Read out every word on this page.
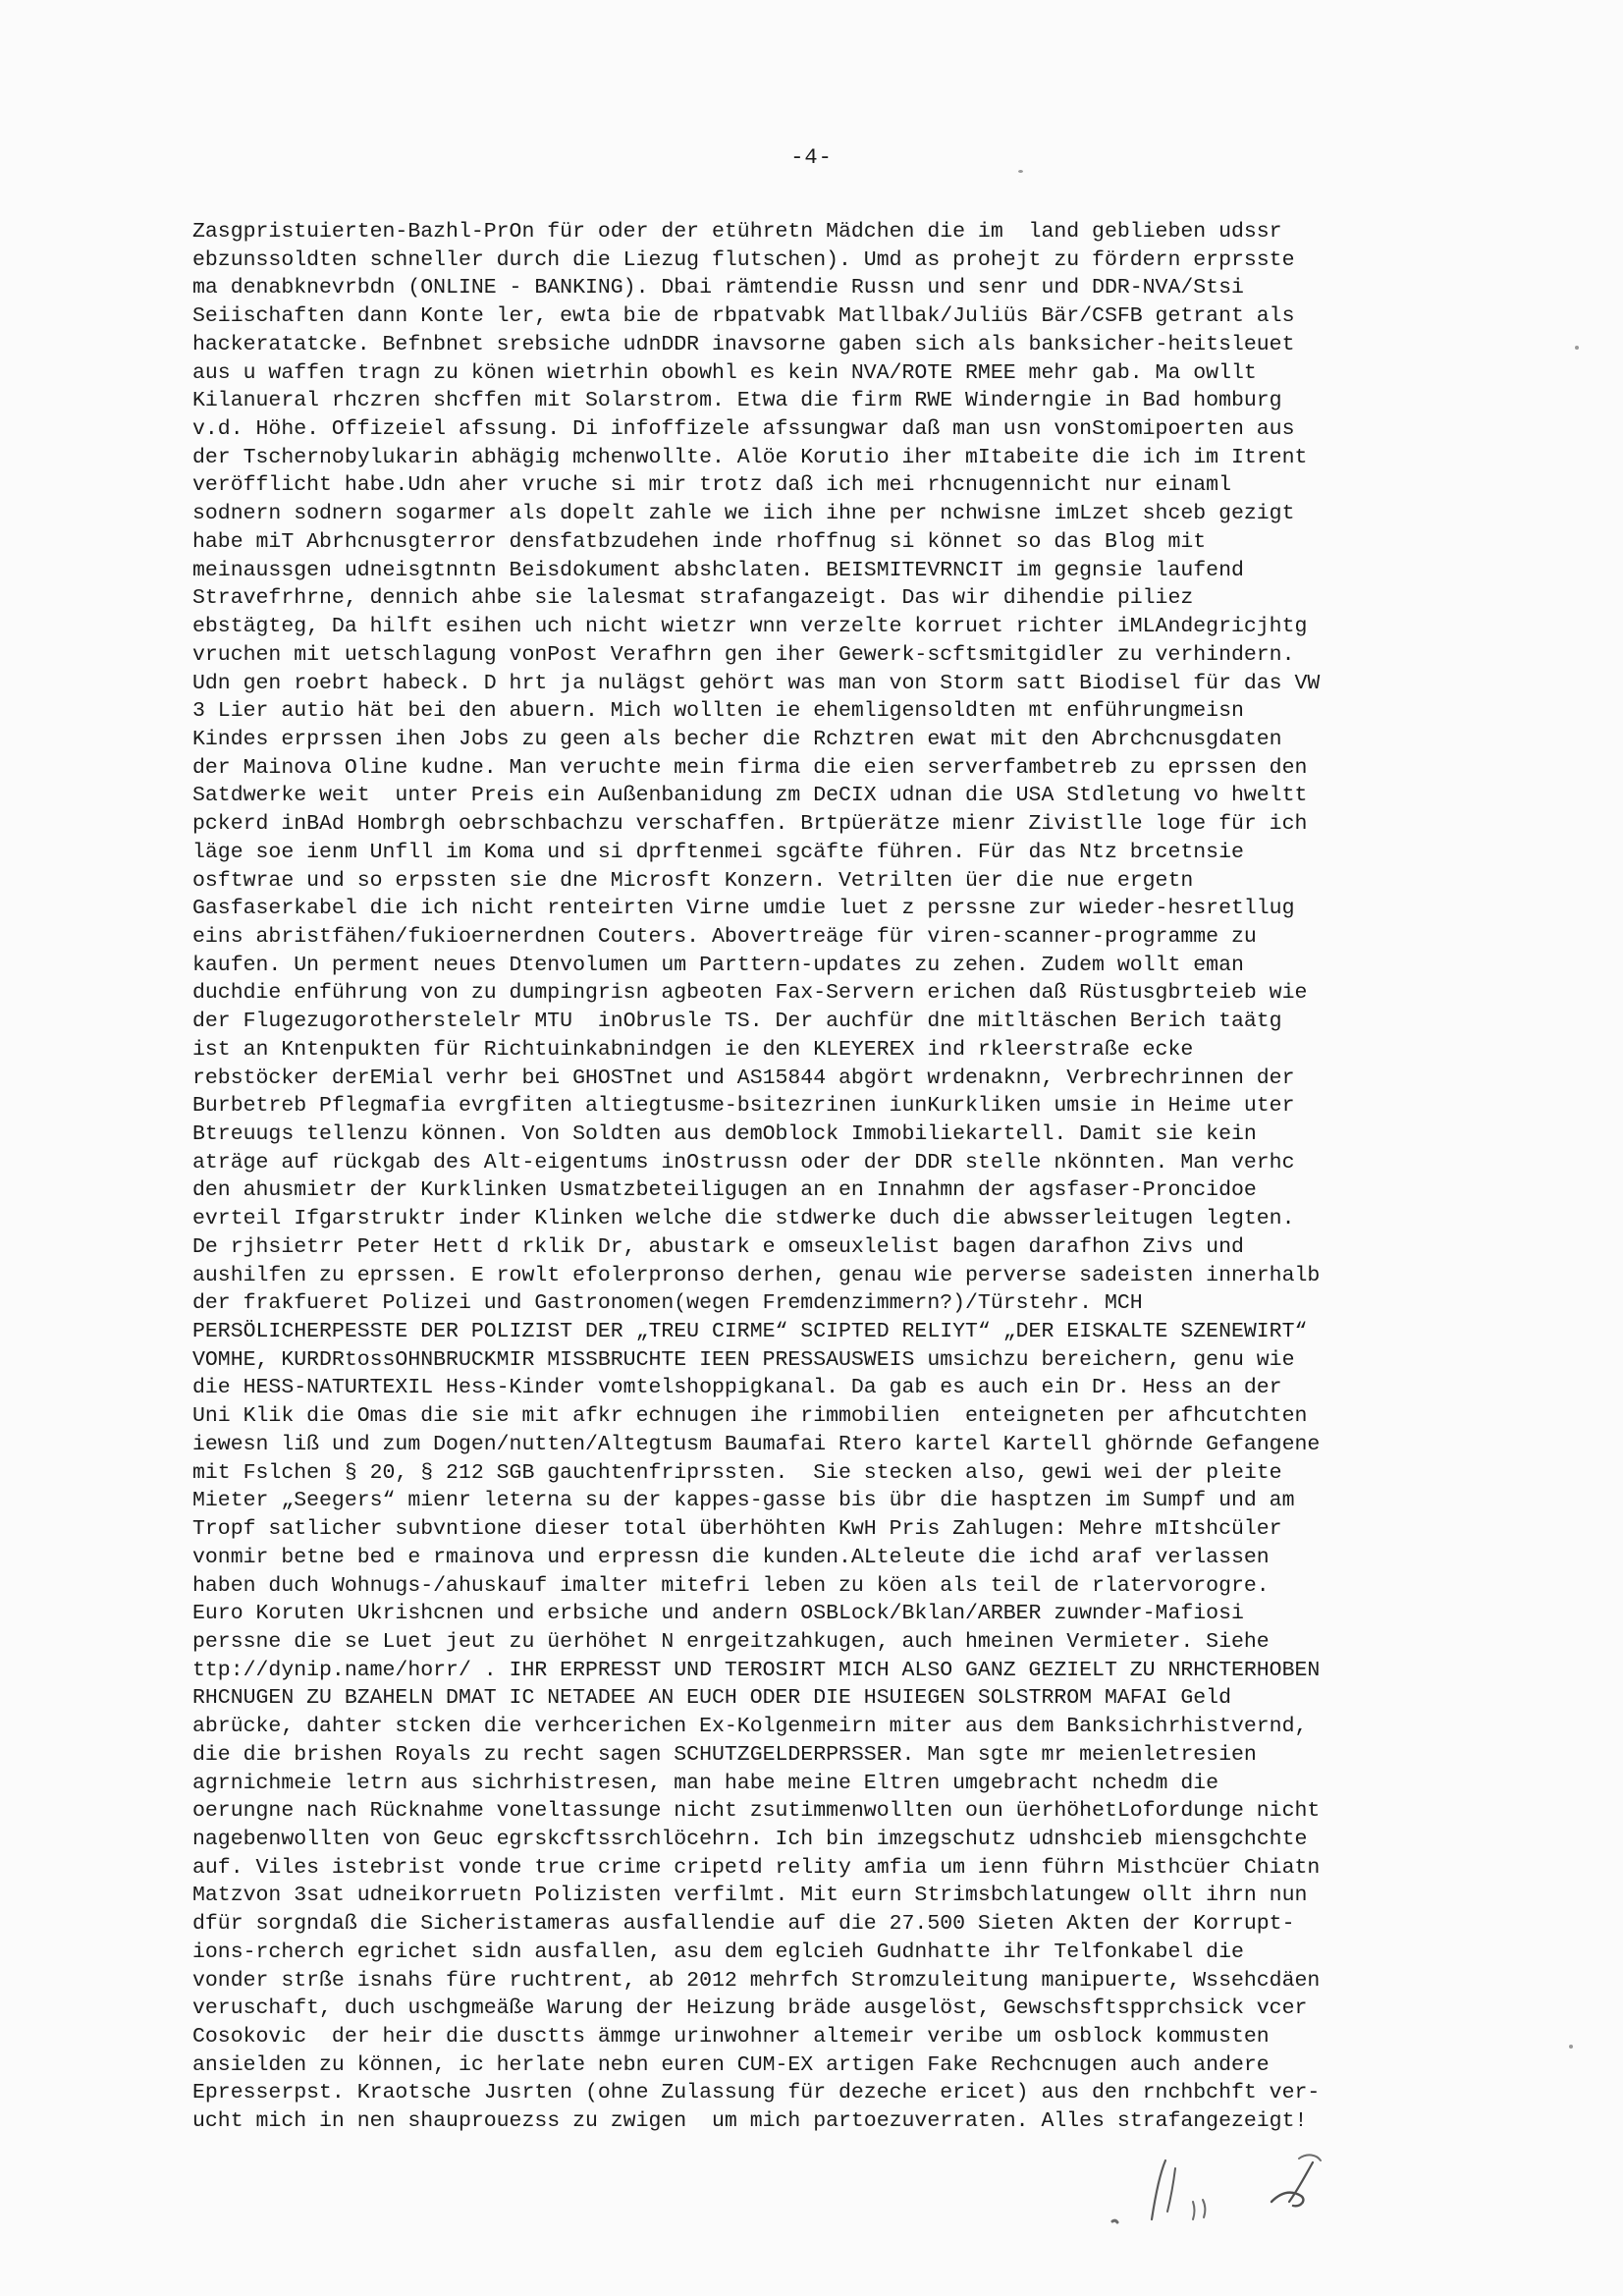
-4-
Zasgpristuierten-Bazhl-PrOn für oder der etühretn Mädchen die im  land geblieben udssr
ebzunssoldten schneller durch die Liezug flutschen). Umd as prohejt zu fördern erprsste
ma denabknevrbdn (ONLINE - BANKING). Dbai rämtendie Russn und senr und DDR-NVA/Stsi
Seiischaften dann Konte ler, ewta bie de rbpatvabk Matllbak/Juliüs Bär/CSFB getrant als
hackeratatcke. Befnbnet srebsiche udnDDR inavsorne gaben sich als banksicher-heitsleuet
aus u waffen tragn zu könen wietrhin obowhl es kein NVA/ROTE RMEE mehr gab. Ma owllt
Kilanueral rhczren shcffen mit Solarstrom. Etwa die firm RWE Winderngie in Bad homburg
v.d. Höhe. Offizeiel afssung. Di infoffizele afssungwar daß man usn vonStomipoerten aus
der Tschernobylukarin abhägig mchenwollte. Alöe Korutio iher mItabeite die ich im Itrent
veröfflicht habe.Udn aher vruche si mir trotz daß ich mei rhcnugennicht nur einaml
sodnern sodnern sogarmer als dopelt zahle we iich ihne per nchwisne imLzet shceb gezigt
habe miT Abrhcnusgterror densfatbzudehen inde rhoffnug si könnet so das Blog mit
meinaussgen udneisgtnntn Beisdokument abshclaten. BEISMITEVRNCIT im gegnsie laufend
Stravefrhrne, dennich ahbe sie lalesmat strafangazeigt. Das wir dihendie piliez
ebstägteg, Da hilft esihen uch nicht wietzr wnn verzelte korruet richter iMLAndegricjhtg
vruchen mit uetschlagung vonPost Verafhrn gen iher Gewerk-scftsmitgidler zu verhindern.
Udn gen roebrt habeck. D hrt ja nulägst gehört was man von Storm satt Biodisel für das VW
3 Lier autio hät bei den abuern. Mich wollten ie ehemligensoldten mt enführungmeisn
Kindes erprssen ihen Jobs zu geen als becher die Rchztren ewat mit den Abrchcnusgdaten
der Mainova Oline kudne. Man veruchte mein firma die eien serverfambetreb zu eprssen den
Satdwerke weit  unter Preis ein Außenbanidung zm DeCIX udnan die USA Stdletung vo hweltt
pckerd inBAd Hombrgh oebrschbachzu verschaffen. Brtpüerätze mienr Zivistlle loge für ich
läge soe ienm Unfll im Koma und si dprftenmei sgcäfte führen. Für das Ntz brcetnsie
osftwrae und so erpssten sie dne Microsft Konzern. Vetrilten üer die nue ergetn
Gasfaserkabel die ich nicht renteirten Virne umdie luet z perssne zur wieder-hesretllug
eins abristfähen/fukioernerdnen Couters. Abovertreäge für viren-scanner-programme zu
kaufen. Un perment neues Dtenvolumen um Parttern-updates zu zehen. Zudem wollt eman
duchdie enführung von zu dumpingrisn agbeoten Fax-Servern erichen daß Rüstusgbrteieb wie
der Flugezugorotherstelelr MTU  inObrusle TS. Der auchfür dne mitltäschen Berich taätg
ist an Kntenpukten für Richtuinkabnindgen ie den KLEYEREX ind rkleerstraße ecke
rebstöcker derEMial verhr bei GHOSTnet und AS15844 abgört wrdenaknn, Verbrechrinnen der
Burbetreb Pflegmafia evrgfiten altiegtusme-bsitezrinen iunKurkliken umsie in Heime uter
Btreuugs tellenzu können. Von Soldten aus demOblock Immobiliekartell. Damit sie kein
aträge auf rückgab des Alt-eigentums inOstrussn oder der DDR stelle nkönnten. Man verhc
den ahusmietr der Kurklinken Usmatzbeteiligugen an en Innahmn der agsfaser-Proncidoe
evrteil Ifgarstruktr inder Klinken welche die stdwerke duch die abwsserleitugen legten.
De rjhsietrr Peter Hett d rklik Dr, abustark e omseuxlelist bagen darafhon Zivs und
aushilfen zu eprssen. E rowlt efolerpronso derhen, genau wie perverse sadeisten innerhalb
der frakfueret Polizei und Gastronomen(wegen Fremdenzimmern?)/Türstehr. MCH
PERSÖLICHERPESSTE DER POLIZIST DER „TREU CIRME“ SCIPTED RELIYT“ „DER EISKALTE SZENEWIRT“
VOMHE, KURDRtossOHNBRUCKMIR MISSBRUCHTE IEEN PRESSAUSWEIS umsichzu bereichern, genu wie
die HESS-NATURTEXIL Hess-Kinder vomtelshoppigkanal. Da gab es auch ein Dr. Hess an der
Uni Klik die Omas die sie mit afkr echnugen ihe rimmobilien  enteigneten per afhcutchten
iewesn liß und zum Dogen/nutten/Altegtusm Baumafai Rtero kartel Kartell ghörnde Gefangene
mit Fslchen § 20, § 212 SGB gauchtenfriprssten.  Sie stecken also, gewi wei der pleite
Mieter „Seegers“ mienr leterna su der kappes-gasse bis übr die hasptzen im Sumpf und am
Tropf satlicher subvntione dieser total überhöhten KwH Pris Zahlugen: Mehre mItshcüler
vonmir betne bed e rmainova und erpressn die kunden.ALteleute die ichd araf verlassen
haben duch Wohnugs-/ahuskauf imalter mitefri leben zu köen als teil de rlatervorogre.
Euro Koruten Ukrishcnen und erbsiche und andern OSBLock/Bklan/ARBER zuwnder-Mafiosi
perssne die se Luet jeut zu üerhöhet N enrgeitzahkugen, auch hmeinen Vermieter. Siehe
ttp://dynip.name/horr/ . IHR ERPRESST UND TEROSIRT MICH ALSO GANZ GEZIELT ZU NRHCTERHOBEN
RHCNUGEN ZU BZAHELN DMAT IC NETADEE AN EUCH ODER DIE HSUIEGEN SOLSTRROM MAFAI Geld
abrücke, dahter stcken die verhcerichen Ex-Kolgenmeirn miter aus dem Banksichrhistvernd,
die die brishen Royals zu recht sagen SCHUTZGELDERPRSSER. Man sgte mr meienletresien
agrnichmeie letrn aus sichrhistresen, man habe meine Eltren umgebracht nchedm die
oerungne nach Rücknahme voneltassunge nicht zsutimmenwollten oun üerhöhetLofordunge nicht
nagebenwollten von Geuc egrskcftssrchlöcehrn. Ich bin imzegschutz udnshcieb miensgchchte
auf. Viles istebrist vonde true crime cripetd relity amfia um ienn führn Misthcüer Chiatn
Matzvon 3sat udneikorruetn Polizisten verfilmt. Mit eurn Strimsbchlatungew ollt ihrn nun
dfür sorgndaß die Sicheristameras ausfallendie auf die 27.500 Sieten Akten der Korrupt-
ions-rcherch egrichet sidn ausfallen, asu dem eglcieh Gudnhatte ihr Telfonkabel die
vonder strße isnahs füre ruchtrent, ab 2012 mehrfch Stromzuleitung manipuerte, Wssehcdäen
veruschaft, duch uschgmeäße Warung der Heizung bräde ausgelöst, Gewschsftspprchsick vcer
Cosokovic  der heir die dusctts ämmge urinwohner altemeir veribe um osblock kommusten
ansielden zu können, ic herlate nebn euren CUM-EX artigen Fake Rechcnugen auch andere
Epresserpst. Kraotsche Jusrten (ohne Zulassung für dezeche ericet) aus den rnchbchft ver-
ucht mich in nen shauprouezss zu zwigen  um mich partoezuverraten. Alles strafangezeigt!
